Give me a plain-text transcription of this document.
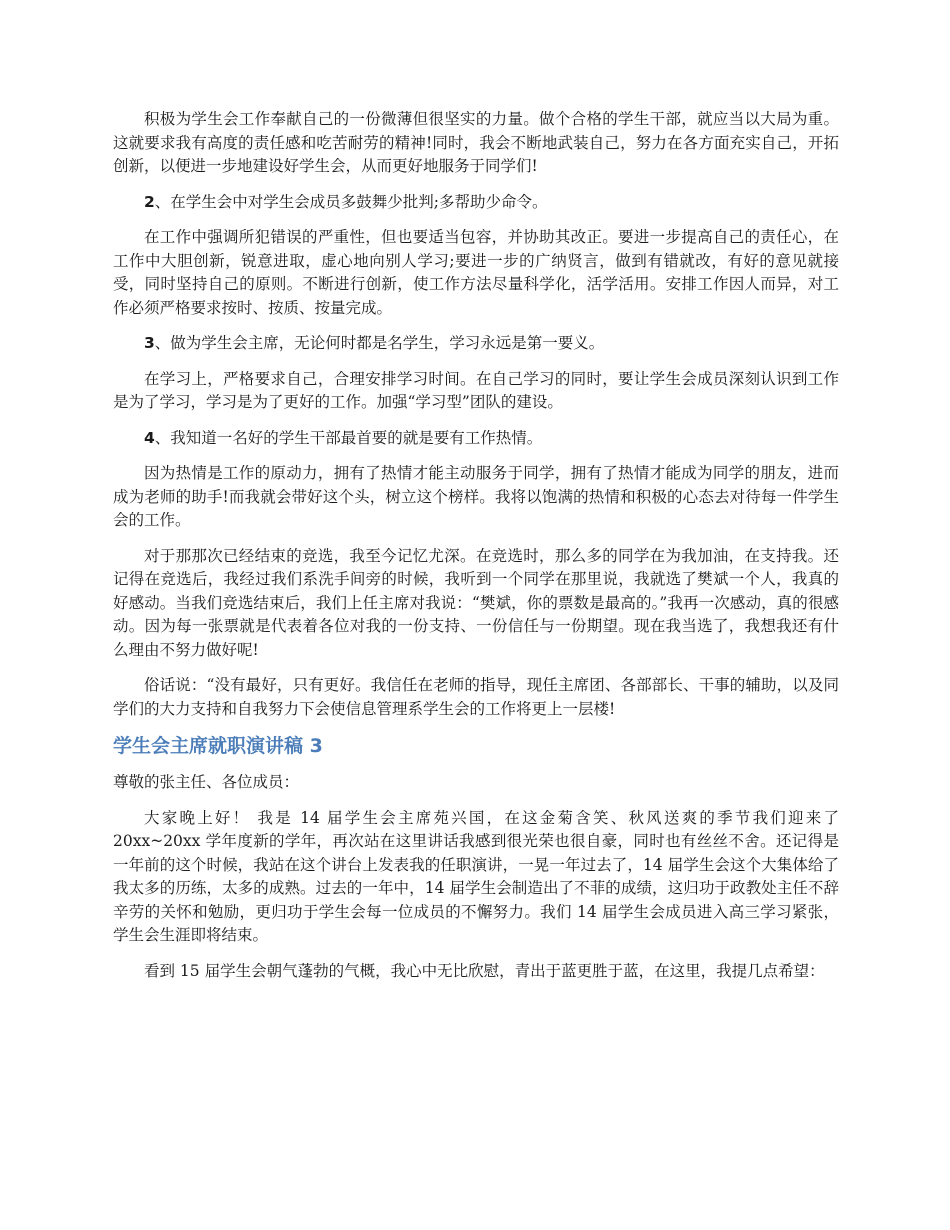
积极为学生会工作奉献自己的一份微薄但很坚实的力量。做个合格的学生干部，就应当以大局为重。这就要求我有高度的责任感和吃苦耐劳的精神!同时，我会不断地武装自己，努力在各方面充实自己，开拓创新，以便进一步地建设好学生会，从而更好地服务于同学们!

2、在学生会中对学生会成员多鼓舞少批判;多帮助少命令。

在工作中强调所犯错误的严重性，但也要适当包容，并协助其改正。要进一步提高自己的责任心，在工作中大胆创新，锐意进取，虚心地向别人学习;要进一步的广纳贤言，做到有错就改，有好的意见就接受，同时坚持自己的原则。不断进行创新，使工作方法尽量科学化，活学活用。安排工作因人而异，对工作必须严格要求按时、按质、按量完成。

3、做为学生会主席，无论何时都是名学生，学习永远是第一要义。

在学习上，严格要求自己，合理安排学习时间。在自己学习的同时，要让学生会成员深刻认识到工作是为了学习，学习是为了更好的工作。加强“学习型”团队的建设。

4、我知道一名好的学生干部最首要的就是要有工作热情。

因为热情是工作的原动力，拥有了热情才能主动服务于同学，拥有了热情才能成为同学的朋友，进而成为老师的助手!而我就会带好这个头，树立这个榜样。我将以饱满的热情和积极的心态去对待每一件学生会的工作。

对于那那次已经结束的竞选，我至今记忆尤深。在竞选时，那么多的同学在为我加油，在支持我。还记得在竞选后，我经过我们系洗手间旁的时候，我听到一个同学在那里说，我就选了樊斌一个人，我真的好感动。当我们竞选结束后，我们上任主席对我说：“樊斌，你的票数是最高的。”我再一次感动，真的很感动。因为每一张票就是代表着各位对我的一份支持、一份信任与一份期望。现在我当选了，我想我还有什么理由不努力做好呢!

俗话说：“没有最好，只有更好。我信任在老师的指导，现任主席团、各部部长、干事的辅助，以及同学们的大力支持和自我努力下会使信息管理系学生会的工作将更上一层楼!

学生会主席就职演讲稿 3

尊敬的张主任、各位成员：

大家晚上好！ 我是 14 届学生会主席苑兴国，在这金菊含笑、秋风送爽的季节我们迎来了 20xx~20xx 学年度新的学年，再次站在这里讲话我感到很光荣也很自豪，同时也有丝丝不舍。还记得是一年前的这个时候，我站在这个讲台上发表我的任职演讲，一晃一年过去了，14 届学生会这个大集体给了我太多的历练，太多的成熟。过去的一年中，14 届学生会制造出了不菲的成绩，这归功于政教处主任不辞辛劳的关怀和勉励，更归功于学生会每一位成员的不懈努力。我们 14 届学生会成员进入高三学习紧张，学生会生涯即将结束。

看到 15 届学生会朝气蓬勃的气概，我心中无比欣慰，青出于蓝更胜于蓝，在这里，我提几点希望：
